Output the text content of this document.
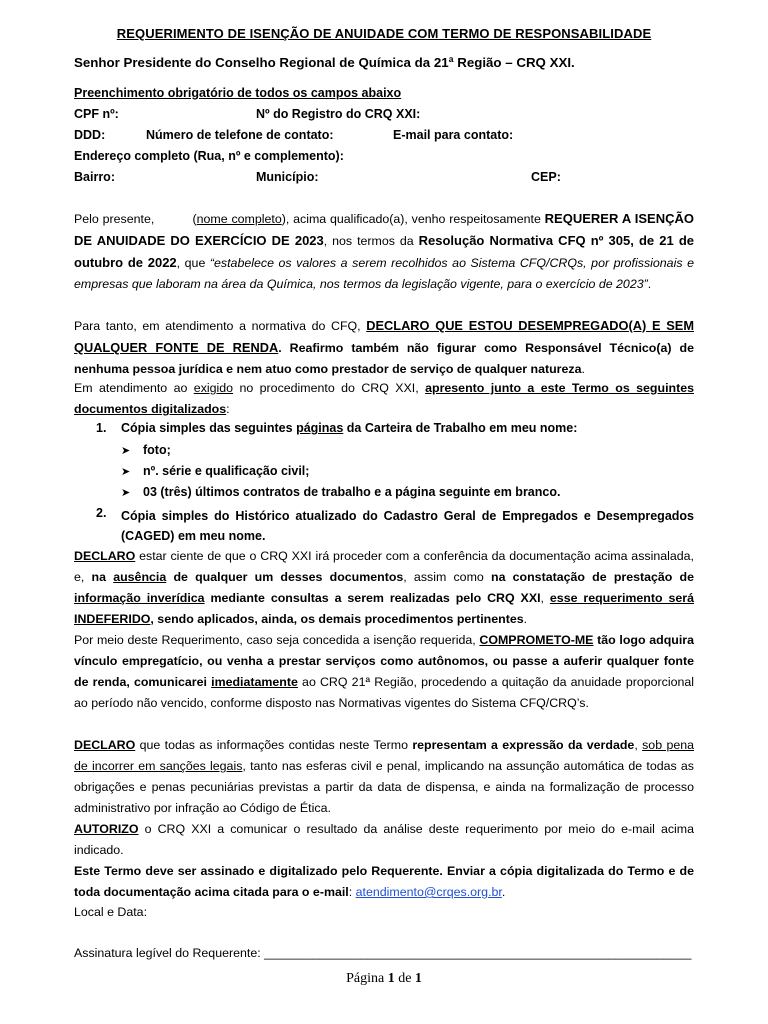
REQUERIMENTO DE ISENÇÃO DE ANUIDADE COM TERMO DE RESPONSABILIDADE
Senhor Presidente do Conselho Regional de Química da 21ª Região – CRQ XXI.
Preenchimento obrigatório de todos os campos abaixo
CPF nº:	Nº do Registro do CRQ XXI:
DDD:	Número de telefone de contato:	E-mail para contato:
Endereço completo (Rua, nº e complemento):
Bairro:	Município:	CEP:
Pelo presente,          (nome completo), acima qualificado(a), venho respeitosamente REQUERER A ISENÇÃO DE ANUIDADE DO EXERCÍCIO DE 2023, nos termos da Resolução Normativa CFQ nº 305, de 21 de outubro de 2022, que “estabelece os valores a serem recolhidos ao Sistema CFQ/CRQs, por profissionais e empresas que laboram na área da Química, nos termos da legislação vigente, para o exercício de 2023”.
Para tanto, em atendimento a normativa do CFQ, DECLARO QUE ESTOU DESEMPREGADO(A) E SEM QUALQUER FONTE DE RENDA. Reafirmo também não figurar como Responsável Técnico(a) de nenhuma pessoa jurídica e nem atuo como prestador de serviço de qualquer natureza.
Em atendimento ao exigido no procedimento do CRQ XXI, apresento junto a este Termo os seguintes documentos digitalizados:
1. Cópia simples das seguintes páginas da Carteira de Trabalho em meu nome:
➤ foto;
➤ nº. série e qualificação civil;
➤ 03 (três) últimos contratos de trabalho e a página seguinte em branco.
2. Cópia simples do Histórico atualizado do Cadastro Geral de Empregados e Desempregados (CAGED) em meu nome.
DECLARO estar ciente de que o CRQ XXI irá proceder com a conferência da documentação acima assinalada, e, na ausência de qualquer um desses documentos, assim como na constatação de prestação de informação inverídica mediante consultas a serem realizadas pelo CRQ XXI, esse requerimento será INDEFERIDO, sendo aplicados, ainda, os demais procedimentos pertinentes.
Por meio deste Requerimento, caso seja concedida a isenção requerida, COMPROMETO-ME tão logo adquira vínculo empregatício, ou venha a prestar serviços como autônomos, ou passe a auferir qualquer fonte de renda, comunicarei imediatamente ao CRQ 21ª Região, procedendo a quitação da anuidade proporcional ao período não vencido, conforme disposto nas Normativas vigentes do Sistema CFQ/CRQ’s.
DECLARO que todas as informações contidas neste Termo representam a expressão da verdade, sob pena de incorrer em sanções legais, tanto nas esferas civil e penal, implicando na assunção automática de todas as obrigações e penas pecuniárias previstas a partir da data de dispensa, e ainda na formalização de processo administrativo por infração ao Código de Ética.
AUTORIZO o CRQ XXI a comunicar o resultado da análise deste requerimento por meio do e-mail acima indicado.
Este Termo deve ser assinado e digitalizado pelo Requerente. Enviar a cópia digitalizada do Termo e de toda documentação acima citada para o e-mail: atendimento@crqes.org.br.
Local e Data:
Assinatura legível do Requerente: ______________________________________________________________
Página 1 de 1
